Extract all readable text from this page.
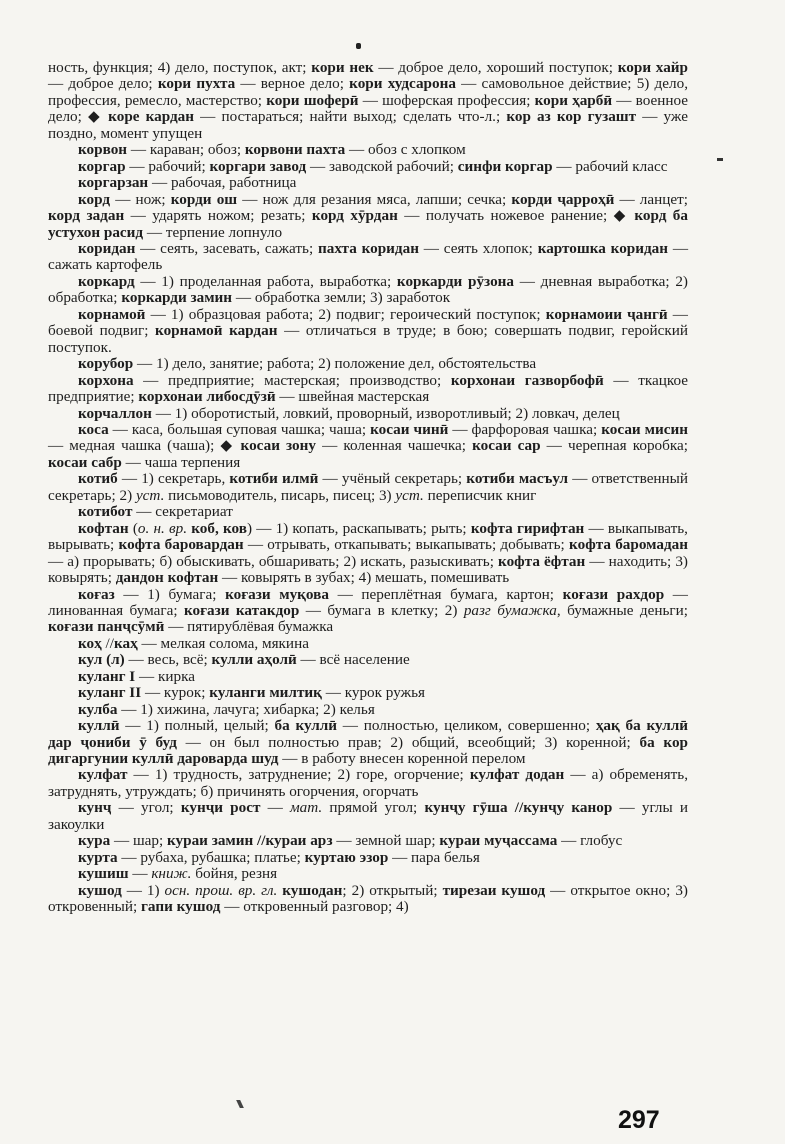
ность, функция; 4) дело, поступок, акт; кори нек — доброе дело, хороший поступок; кори хайр — доброе дело; кори пухта — верное дело; кори худсарона — самовольное действие; 5) дело, профессия, ремесло, мастерство; кори шоферӣ — шоферская профессия; кори ҳарбӣ — военное дело; ◆ коре кардан — постараться; найти выход; сделать что-л.; кор аз кор гузашт — уже поздно, момент упущен

корвон — караван; обоз; корвони пахта — обоз с хлопком

коргар — рабочий; коргари завод — заводской рабочий; синфи коргар — рабочий класс

коргарзан — рабочая, работница

корд — нож; корди ош — нож для резания мяса, лапши; сечка; корди ҷарроҳӣ — ланцет; корд задан — ударять ножом; резать; корд хӯрдан — получать ножевое ранение; ◆ корд ба устухон расид — терпение лопнуло

коридан — сеять, засевать, сажать; пахта коридан — сеять хлопок; картошка коридан — сажать картофель

коркард — 1) проделанная работа, выработка; коркарди рӯзона — дневная выработка; 2) обработка; коркарди замин — обработка земли; 3) заработок

корнамоӣ — 1) образцовая работа; 2) подвиг; героический поступок; корнамоии ҷангӣ — боевой подвиг; корнамоӣ кардан — отличаться в труде; в бою; совершать подвиг, геройский поступок.

корубор — 1) дело, занятие; работа; 2) положение дел, обстоятельства

корхона — предприятие; мастерская; производство; корхонаи газворбофӣ — ткацкое предприятие; корхонаи либосдӯзӣ — швейная мастерская

корчаллон — 1) оборотистый, ловкий, проворный, изворотливый; 2) ловкач, делец

коса — каса, большая суповая чашка; чаша; косаи чинӣ — фарфоровая чашка; косаи мисин — медная чашка (чаша); ◆ косаи зону — коленная чашечка; косаи сар — черепная коробка; косаи сабр — чаша терпения

котиб — 1) секретарь, котиби илмӣ — учёный секретарь; котиби масъул — ответственный секретарь; 2) уст. письмоводитель, писарь, писец; 3) уст. переписчик книг

котибот — секретариат

кофтан (о. н. вр. коб, ков) — 1) копать, раскапывать; рыть; кофта гирифтан — выкапывать, вырывать; кофта баровардан — отрывать, откапывать; выкапывать; добывать; кофта баромадан — а) прорывать; б) обыскивать, обшаривать; 2) искать, разыскивать; кофта ёфтан — находить; 3) ковырять; дандон кофтан — ковырять в зубах; 4) мешать, помешивать

коғаз — 1) бумага; коғази муқова — переплётная бумага, картон; коғази рахдор — линованная бумага; коғази катакдор — бумага в клетку; 2) разг бумажка, бумажные деньги; коғази панҷсӯмӣ — пятирублёвая бумажка

коҳ //каҳ — мелкая солома, мякина

кул (л) — весь, всё; кулли аҳолӣ — всё население

куланг I — кирка

куланг II — курок; куланги милтиқ — курок ружья

кулба — 1) хижина, лачуга; хибарка; 2) келья

куллӣ — 1) полный, целый; ба куллӣ — полностью, целиком, совершенно; ҳақ ба куллӣ дар ҷониби ӯ буд — он был полностью прав; 2) общий, всеобщий; 3) коренной; ба кор дигаргунии куллӣ дароварда шуд — в работу внесен коренной перелом

кулфат — 1) трудность, затруднение; 2) горе, огорчение; кулфат додан — а) обременять, затруднять, утруждать; б) причинять огорчения, огорчать

кунҷ — угол; кунҷи рост — мат. прямой угол; кунҷу гӯша //кунҷу канор — углы и закоулки

кура — шар; кураи замин //кураи арз — земной шар; кураи муҷассама — глобус

курта — рубаха, рубашка; платье; куртаю эзор — пара белья

кушиш — книж. бойня, резня

кушод — 1) осн. прош. вр. гл. кушодан; 2) открытый; тирезаи кушод — открытое окно; 3) откровенный; гапи кушод — откровенный разговор; 4)

297
